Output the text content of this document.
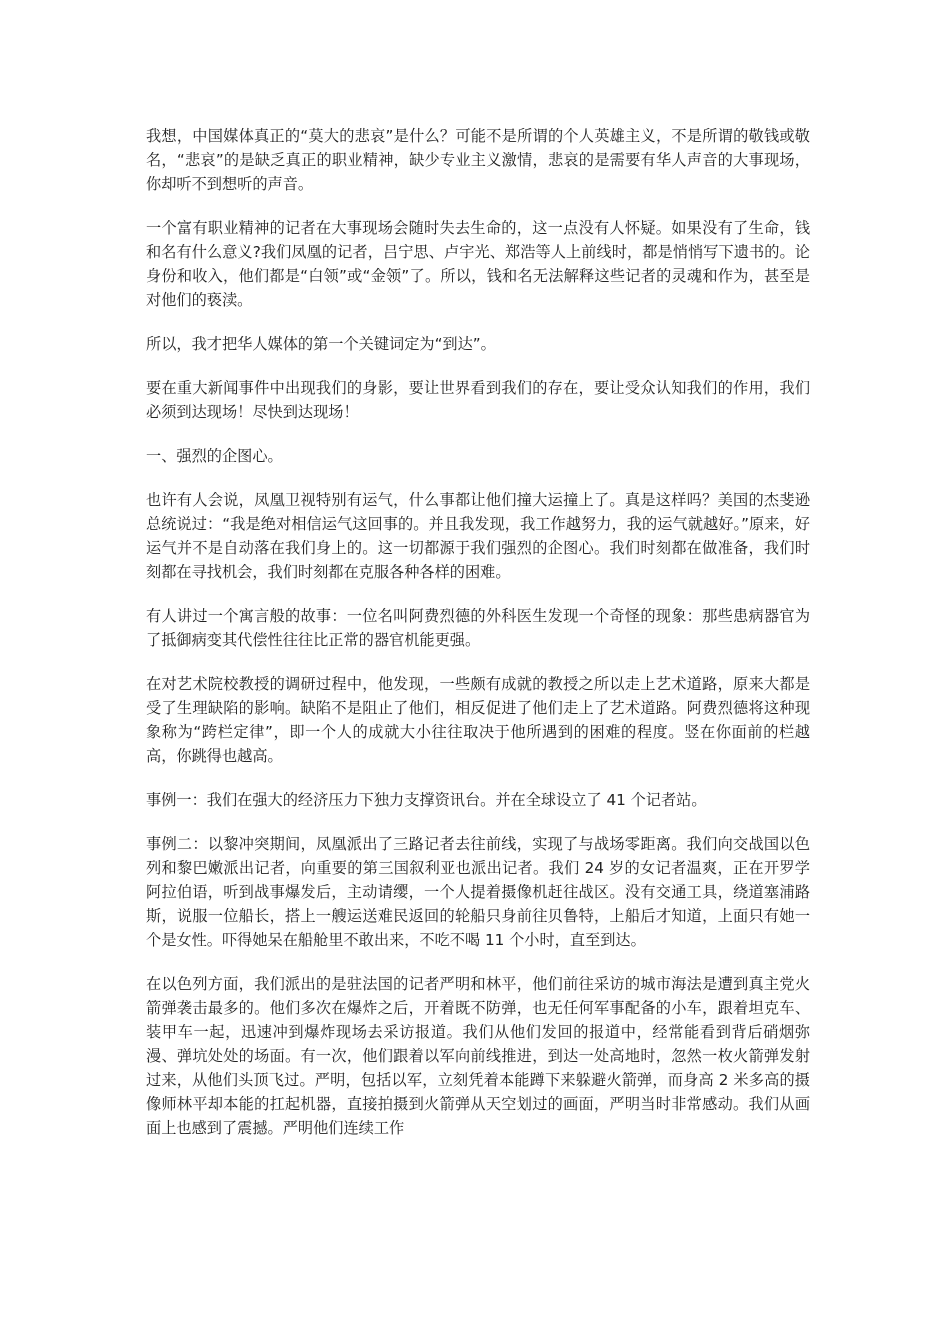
我想，中国媒体真正的“莫大的悲哀”是什么？可能不是所谓的个人英雄主义，不是所谓的敬钱或敬名，“悲哀”的是缺乏真正的职业精神，缺少专业主义激情，悲哀的是需要有华人声音的大事现场，你却听不到想听的声音。

一个富有职业精神的记者在大事现场会随时失去生命的，这一点没有人怀疑。如果没有了生命，钱和名有什么意义?我们凤凰的记者，吕宁思、卢宇光、郑浩等人上前线时，都是悄悄写下遗书的。论身份和收入，他们都是“白领”或“金领”了。所以，钱和名无法解释这些记者的灵魂和作为，甚至是对他们的亵渎。

所以，我才把华人媒体的第一个关键词定为“到达”。

要在重大新闻事件中出现我们的身影，要让世界看到我们的存在，要让受众认知我们的作用，我们必须到达现场！尽快到达现场！

一、强烈的企图心。

也许有人会说，凤凰卫视特别有运气，什么事都让他们撞大运撞上了。真是这样吗？美国的杰斐逊总统说过：“我是绝对相信运气这回事的。并且我发现，我工作越努力，我的运气就越好。”原来，好运气并不是自动落在我们身上的。这一切都源于我们强烈的企图心。我们时刻都在做准备，我们时刻都在寻找机会，我们时刻都在克服各种各样的困难。

有人讲过一个寓言般的故事：一位名叫阿费烈德的外科医生发现一个奇怪的现象：那些患病器官为了抵御病变其代偿性往往比正常的器官机能更强。

在对艺术院校教授的调研过程中，他发现，一些颇有成就的教授之所以走上艺术道路，原来大都是受了生理缺陷的影响。缺陷不是阻止了他们，相反促进了他们走上了艺术道路。阿费烈德将这种现象称为“跨栏定律”，即一个人的成就大小往往取决于他所遇到的困难的程度。竖在你面前的栏越高，你跳得也越高。

事例一：我们在强大的经济压力下独力支撑资讯台。并在全球设立了 41 个记者站。

事例二：以黎冲突期间，凤凰派出了三路记者去往前线，实现了与战场零距离。我们向交战国以色列和黎巴嫩派出记者，向重要的第三国叙利亚也派出记者。我们 24 岁的女记者温爽，正在开罗学阿拉伯语，听到战事爆发后，主动请缨，一个人提着摄像机赶往战区。没有交通工具，绕道塞浦路斯，说服一位船长，搭上一艘运送难民返回的轮船只身前往贝鲁特，上船后才知道，上面只有她一个是女性。吓得她呆在船舱里不敢出来，不吃不喝 11 个小时，直至到达。

在以色列方面，我们派出的是驻法国的记者严明和林平，他们前往采访的城市海法是遭到真主党火箭弹袭击最多的。他们多次在爆炸之后，开着既不防弹，也无任何军事配备的小车，跟着坦克车、装甲车一起，迅速冲到爆炸现场去采访报道。我们从他们发回的报道中，经常能看到背后硝烟弥漫、弹坑处处的场面。有一次，他们跟着以军向前线推进，到达一处高地时，忽然一枚火箭弹发射过来，从他们头顶飞过。严明，包括以军，立刻凭着本能蹲下来躲避火箭弹，而身高 2 米多高的摄像师林平却本能的扛起机器，直接拍摄到火箭弹从天空划过的画面，严明当时非常感动。我们从画面上也感到了震撼。严明他们连续工作
